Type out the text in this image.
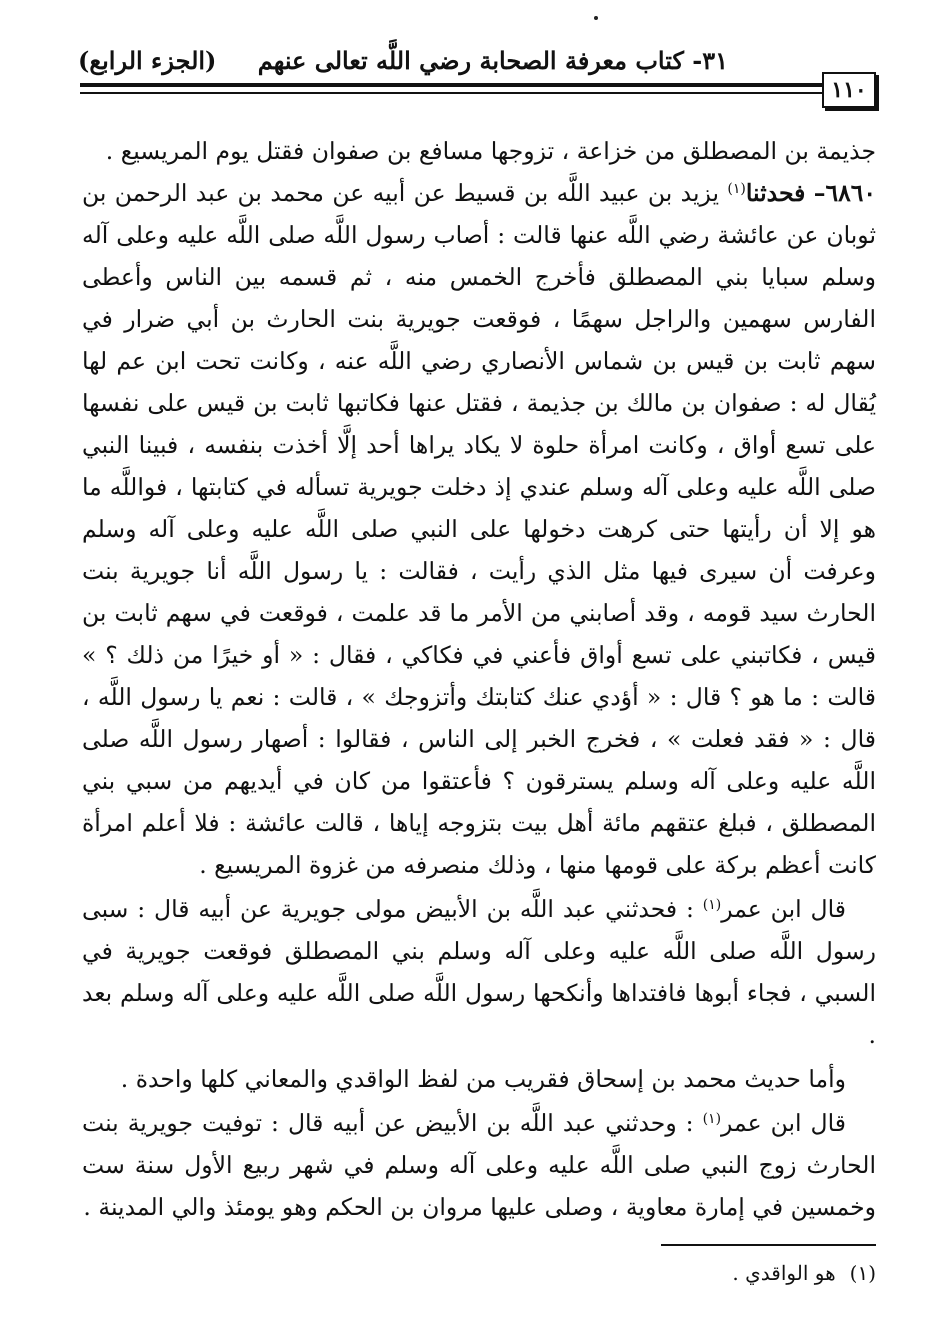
٣١- كتاب معرفة الصحابة رضي اللَّه تعالى عنهم
(الجزء الرابع)
١١٠

جذيمة بن المصطلق من خزاعة ، تزوجها مسافع بن صفوان فقتل يوم المريسيع .

٦٨٦٠– فحدثنا$^{(١)}$ يزيد بن عبيد اللَّه بن قسيط عن أبيه عن محمد بن عبد الرحمن بن ثوبان عن عائشة رضي اللَّه عنها قالت : أصاب رسول اللَّه صلى اللَّه عليه وعلى آله وسلم سبايا بني المصطلق فأخرج الخمس منه ، ثم قسمه بين الناس وأعطى الفارس سهمين والراجل سهمًا ، فوقعت جويرية بنت الحارث بن أبي ضرار في سهم ثابت بن قيس بن شماس الأنصاري رضي اللَّه عنه ، وكانت تحت ابن عم لها يُقال له : صفوان بن مالك بن جذيمة ، فقتل عنها فكاتبها ثابت بن قيس على نفسها على تسع أواق ، وكانت امرأة حلوة لا يكاد يراها أحد إلَّا أخذت بنفسه ، فبينا النبي صلى اللَّه عليه وعلى آله وسلم عندي إذ دخلت جويرية تسأله في كتابتها ، فواللَّه ما هو إلا أن رأيتها حتى كرهت دخولها على النبي صلى اللَّه عليه وعلى آله وسلم وعرفت أن سيرى فيها مثل الذي رأيت ، فقالت : يا رسول اللَّه أنا جويرية بنت الحارث سيد قومه ، وقد أصابني من الأمر ما قد علمت ، فوقعت في سهم ثابت بن قيس ، فكاتبني على تسع أواق فأعني في فكاكي ، فقال : « أو خيرًا من ذلك ؟ » قالت : ما هو ؟ قال : « أؤدي عنك كتابتك وأتزوجك » ، قالت : نعم يا رسول اللَّه ، قال : « فقد فعلت » ، فخرج الخبر إلى الناس ، فقالوا : أصهار رسول اللَّه صلى اللَّه عليه وعلى آله وسلم يسترقون ؟ فأعتقوا من كان في أيديهم من سبي بني المصطلق ، فبلغ عتقهم مائة أهل بيت بتزوجه إياها ، قالت عائشة : فلا أعلم امرأة كانت أعظم بركة على قومها منها ، وذلك منصرفه من غزوة المريسيع .

قال ابن عمر$^{(١)}$ : فحدثني عبد اللَّه بن الأبيض مولى جويرية عن أبيه قال : سبى رسول اللَّه صلى اللَّه عليه وعلى آله وسلم بني المصطلق فوقعت جويرية في السبي ، فجاء أبوها فافتداها وأنكحها رسول اللَّه صلى اللَّه عليه وعلى آله وسلم بعد .

وأما حديث محمد بن إسحاق فقريب من لفظ الواقدي والمعاني كلها واحدة .

قال ابن عمر$^{(١)}$ : وحدثني عبد اللَّه بن الأبيض عن أبيه قال : توفيت جويرية بنت الحارث زوج النبي صلى اللَّه عليه وعلى آله وسلم في شهر ربيع الأول سنة ست وخمسين في إمارة معاوية ، وصلى عليها مروان بن الحكم وهو يومئذ والي المدينة .

(١)هو الواقدي .
